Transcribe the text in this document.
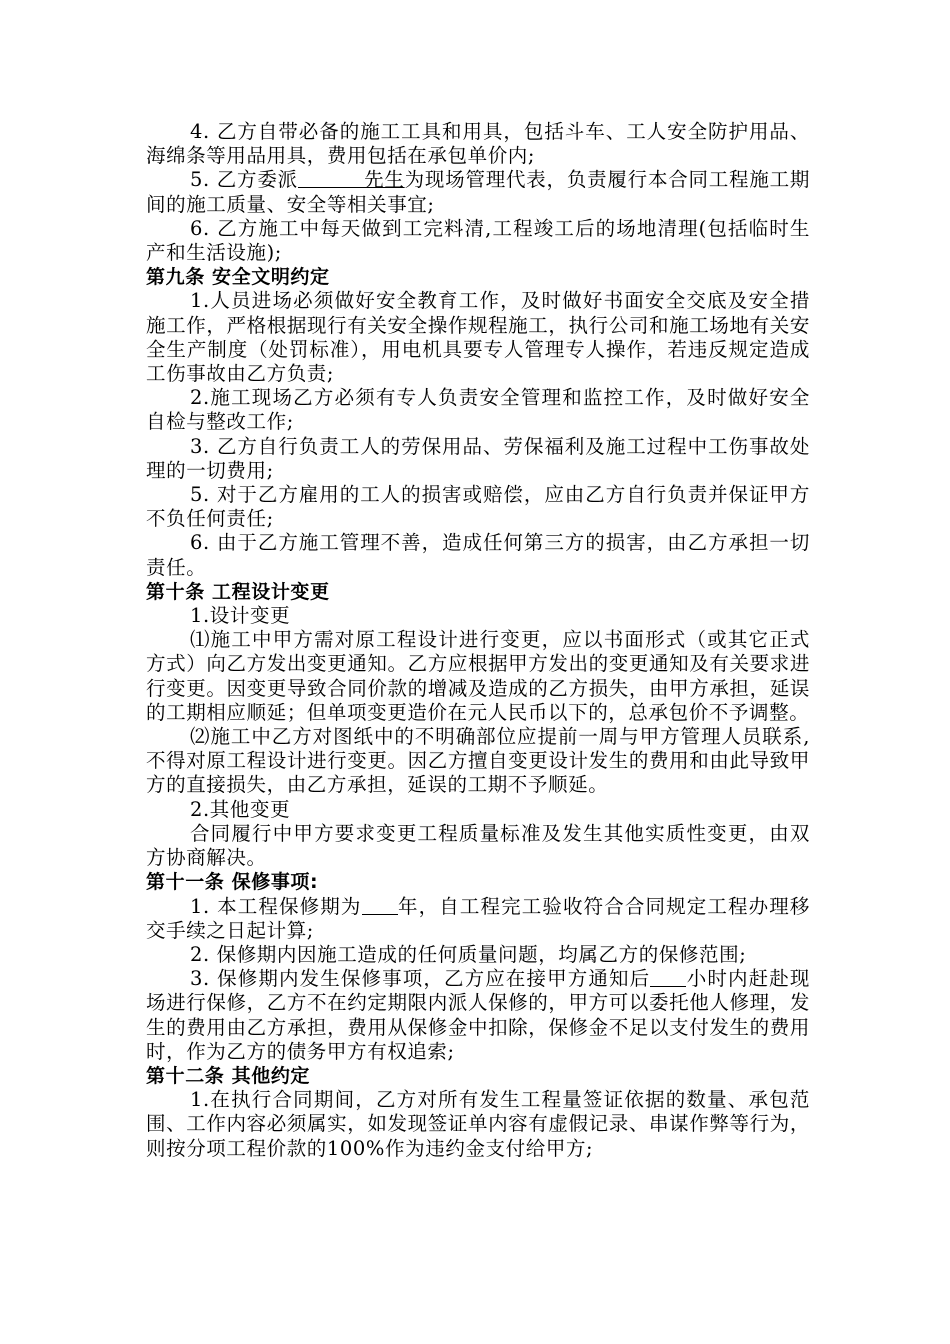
4. 乙方自带必备的施工工具和用具，包括斗车、工人安全防护用品、海绵条等用品用具，费用包括在承包单价内;

5. 乙方委派	先生为现场管理代表，负责履行本合同工程施工期间的施工质量、安全等相关事宜;

6. 乙方施工中每天做到工完料清,工程竣工后的场地清理(包括临时生产和生活设施);

第九条 安全文明约定

1.人员进场必须做好安全教育工作，及时做好书面安全交底及安全措施工作，严格根据现行有关安全操作规程施工，执行公司和施工场地有关安全生产制度（处罚标准），用电机具要专人管理专人操作，若违反规定造成工伤事故由乙方负责;

2.施工现场乙方必须有专人负责安全管理和监控工作，及时做好安全自检与整改工作;

3. 乙方自行负责工人的劳保用品、劳保福利及施工过程中工伤事故处理的一切费用;

5. 对于乙方雇用的工人的损害或赔偿，应由乙方自行负责并保证甲方不负任何责任;

6. 由于乙方施工管理不善，造成任何第三方的损害，由乙方承担一切责任。

第十条 工程设计变更

1.设计变更

⑴施工中甲方需对原工程设计进行变更，应以书面形式（或其它正式方式）向乙方发出变更通知。乙方应根据甲方发出的变更通知及有关要求进行变更。因变更导致合同价款的增减及造成的乙方损失，由甲方承担，延误的工期相应顺延；但单项变更造价在元人民币以下的，总承包价不予调整。

⑵施工中乙方对图纸中的不明确部位应提前一周与甲方管理人员联系,不得对原工程设计进行变更。因乙方擅自变更设计发生的费用和由此导致甲方的直接损失，由乙方承担，延误的工期不予顺延。

2.其他变更

合同履行中甲方要求变更工程质量标准及发生其他实质性变更，由双方协商解决。

第十一条 保修事项:

1. 本工程保修期为 年，自工程完工验收符合合同规定工程办理移交手续之日起计算;

2. 保修期内因施工造成的任何质量问题，均属乙方的保修范围;

3. 保修期内发生保修事项，乙方应在接甲方通知后 小时内赶赴现场进行保修，乙方不在约定期限内派人保修的，甲方可以委托他人修理，发生的费用由乙方承担，费用从保修金中扣除，保修金不足以支付发生的费用时，作为乙方的债务甲方有权追索;

第十二条 其他约定

1.在执行合同期间，乙方对所有发生工程量签证依据的数量、承包范围、工作内容必须属实，如发现签证单内容有虚假记录、串谋作弊等行为，则按分项工程价款的100%作为违约金支付给甲方;
